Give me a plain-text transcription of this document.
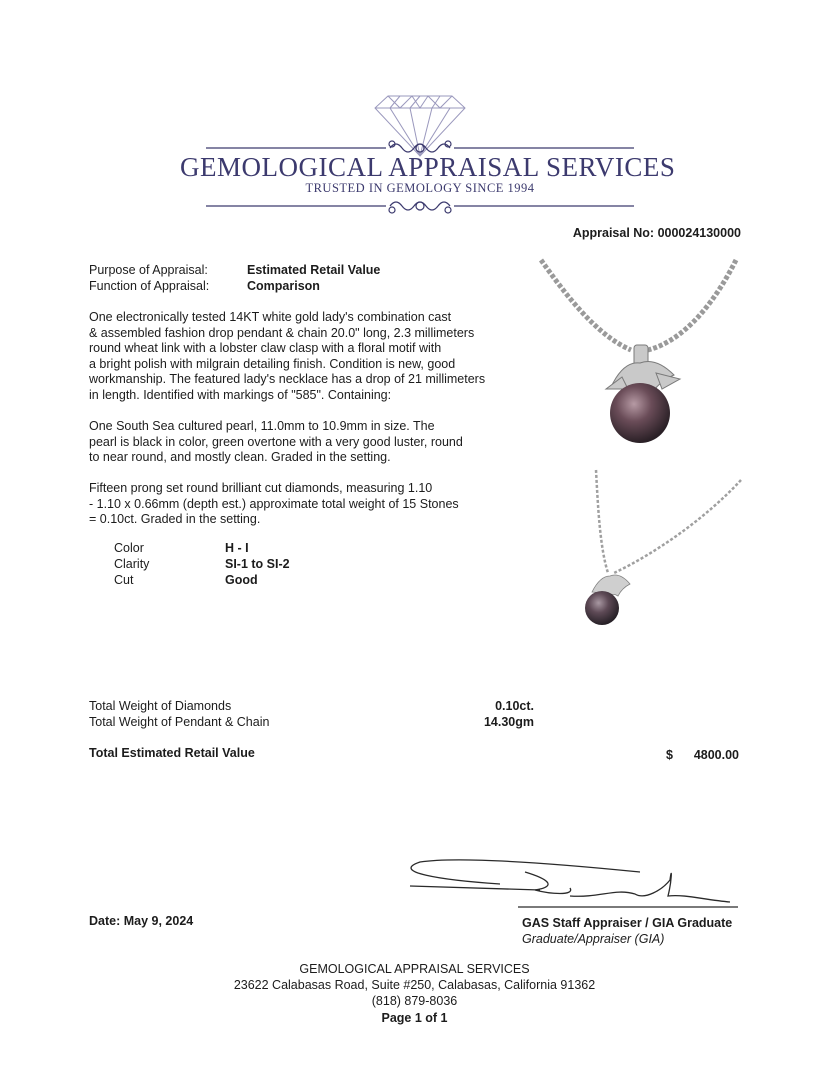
GEMOLOGICAL APPRAISAL SERVICES
TRUSTED IN GEMOLOGY SINCE 1994
Appraisal No: 000024130000
Purpose of Appraisal:	Estimated Retail Value
Function of Appraisal:	Comparison
One electronically tested 14KT white gold lady's combination cast
& assembled fashion drop pendant & chain 20.0" long, 2.3 millimeters
round wheat link with a lobster claw clasp with a floral motif with
a bright polish with milgrain detailing finish. Condition is new, good
workmanship. The featured lady's necklace has a drop of 21 millimeters
in length. Identified with markings of "585". Containing:
One South Sea cultured pearl, 11.0mm to 10.9mm in size. The
pearl is black in color, green overtone with a very good luster, round
to near round, and mostly clean. Graded in the setting.
Fifteen prong set round brilliant cut diamonds, measuring 1.10
- 1.10 x 0.66mm (depth est.) approximate total weight of 15 Stones
= 0.10ct. Graded in the setting.
Color	H - I
Clarity	SI-1 to SI-2
Cut	Good
Total Weight of Diamonds	0.10ct.
Total Weight of Pendant & Chain	14.30gm
Total Estimated Retail Value	$ 4800.00
Date: May 9, 2024	GAS Staff Appraiser / GIA Graduate
Graduate/Appraiser (GIA)
GEMOLOGICAL APPRAISAL SERVICES
23622 Calabasas Road, Suite #250, Calabasas, California 91362
(818) 879-8036
Page 1 of 1
